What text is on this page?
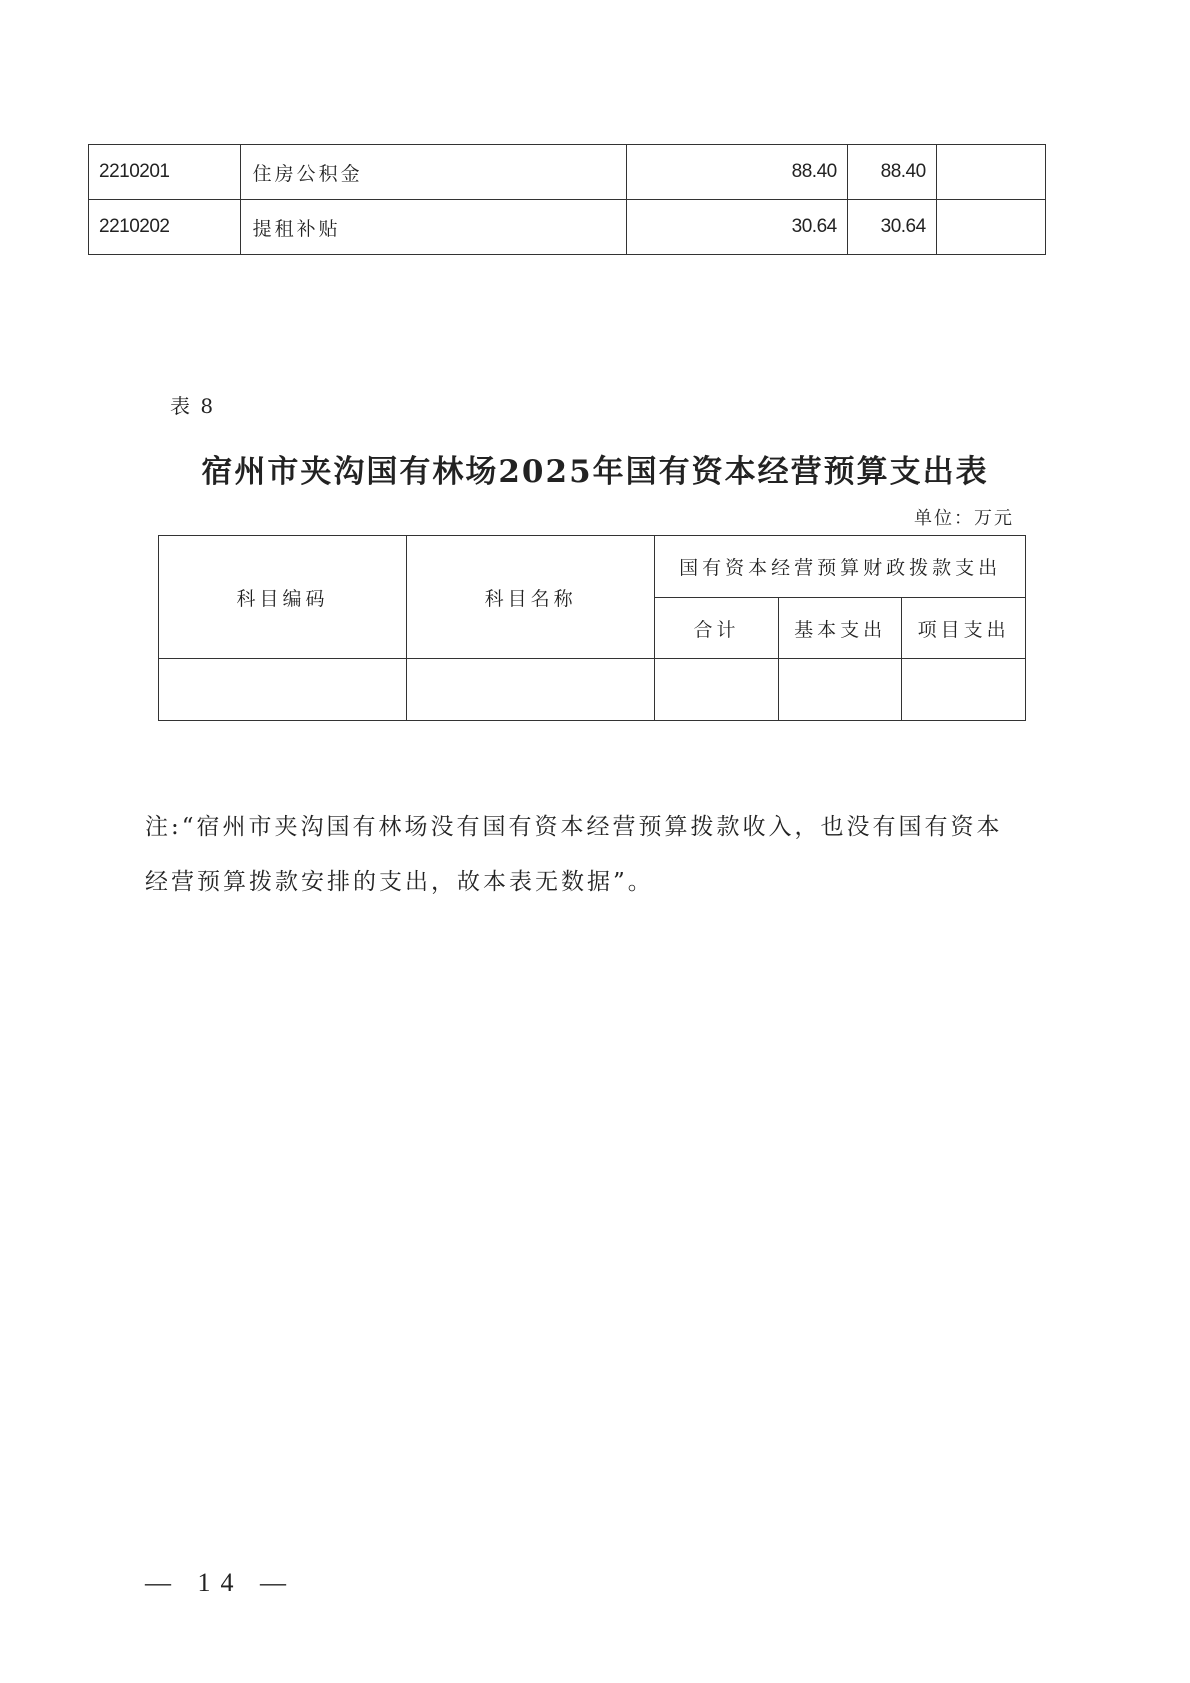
2210201	住房公积金	88.40	88.40	
2210202	提租补贴	30.64	30.64	
表 8
宿州市夹沟国有林场2025年国有资本经营预算支出表
单位：万元
科目编码	科目名称	国有资本经营预算财政拨款支出		
		合计	基本支出	项目支出

注:“宿州市夹沟国有林场没有国有资本经营预算拨款收入，也没有国有资本经营预算拨款安排的支出，故本表无数据”。
— 14 —
